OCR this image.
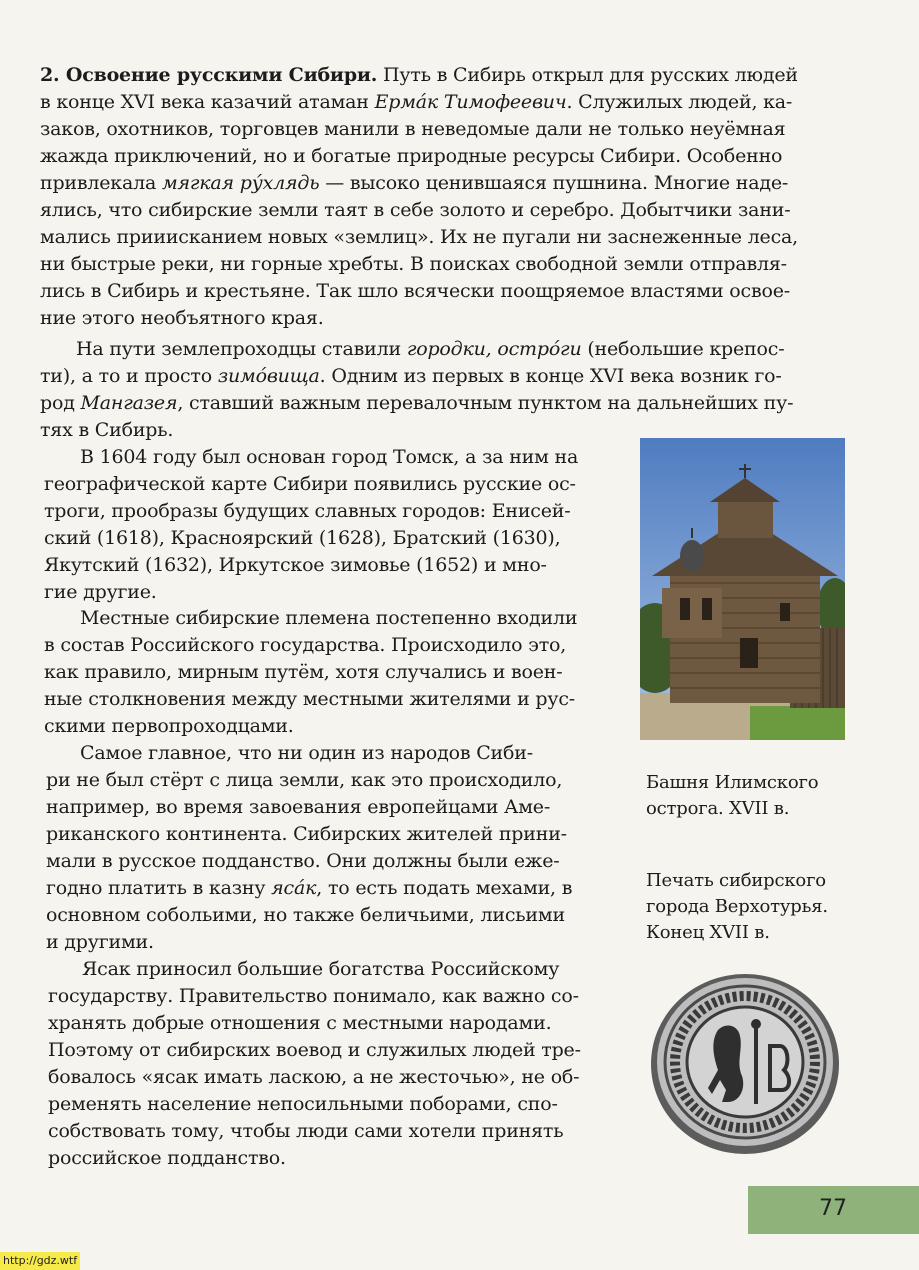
2. Освоение русскими Сибири. Путь в Сибирь открыл для русских людей
в конце XVI века казачий атаман Ерма́к Тимофеевич. Служилых людей, ка-
заков, охотников, торговцев манили в неведомые дали не только неуёмная
жажда приключений, но и богатые природные ресурсы Сибири. Особенно
привлекала мягкая ру́хлядь — высоко ценившаяся пушнина. Многие наде-
ялись, что сибирские земли таят в себе золото и серебро. Добытчики зани-
мались прииисканием новых «землиц». Их не пугали ни заснеженные леса,
ни быстрые реки, ни горные хребты. В поисках свободной земли отправля-
лись в Сибирь и крестьяне. Так шло всячески поощряемое властями освое-
ние этого необъятного края.
На пути землепроходцы ставили городки, остро́ги (небольшие крепос-
ти), а то и просто зимо́вища. Одним из первых в конце XVI века возник го-
род Мангазея, ставший важным перевалочным пунктом на дальнейших пу-
тях в Сибирь.
В 1604 году был основан город Томск, а за ним на
географической карте Сибири появились русские ос-
троги, прообразы будущих славных городов: Енисей-
ский (1618), Красноярский (1628), Братский (1630),
Якутский (1632), Иркутское зимовье (1652) и мно-
гие другие.
Местные сибирские племена постепенно входили
в состав Российского государства. Происходило это,
как правило, мирным путём, хотя случались и воен-
ные столкновения между местными жителями и рус-
скими первопроходцами.
Самое главное, что ни один из народов Сиби-
ри не был стёрт с лица земли, как это происходило,
например, во время завоевания европейцами Аме-
риканского континента. Сибирских жителей прини-
мали в русское подданство. Они должны были еже-
годно платить в казну яса́к, то есть подать мехами, в
основном собольими, но также беличьими, лисьими
и другими.
Ясак приносил большие богатства Российскому
государству. Правительство понимало, как важно со-
хранять добрые отношения с местными народами.
Поэтому от сибирских воевод и служилых людей тре-
бовалось «ясак имать ласкою, а не жесточью», не об-
ременять население непосильными поборами, спо-
собствовать тому, чтобы люди сами хотели принять
российское подданство.
Башня Илимского
острога. XVII в.
Печать сибирского
города Верхотурья.
Конец XVII в.
77
http://gdz.wtf
